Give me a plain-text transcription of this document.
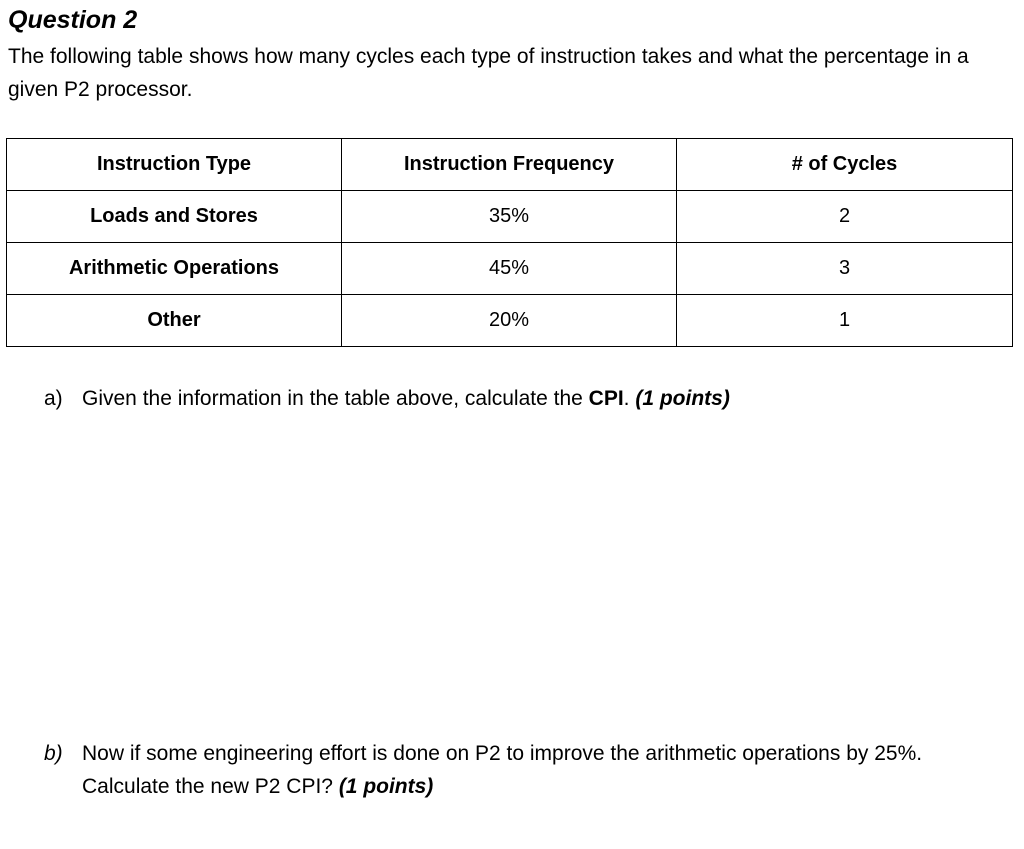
Question 2
The following table shows how many cycles each type of instruction takes and what the percentage in a given P2 processor.
Instruction Type	Instruction Frequency	# of Cycles
Loads and Stores	35%	2
Arithmetic Operations	45%	3
Other	20%	1
a) Given the information in the table above, calculate the CPI. (1 points)
b) Now if some engineering effort is done on P2 to improve the arithmetic operations by 25%. Calculate the new P2 CPI? (1 points)
